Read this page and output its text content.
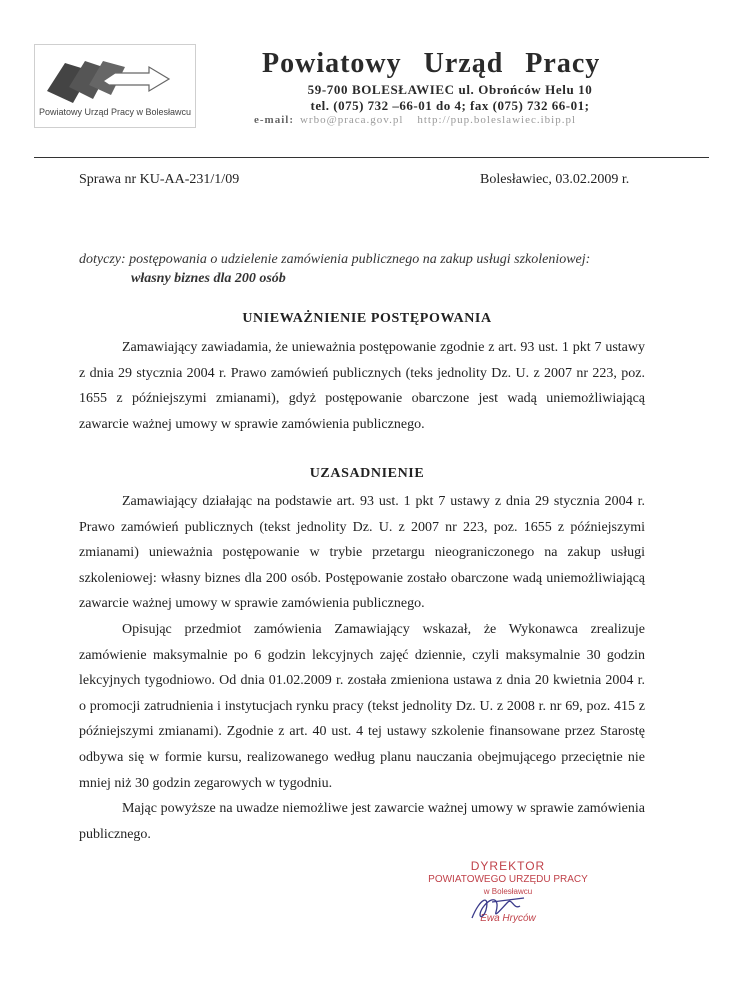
Powiatowy Urząd Pracy w Bolesławcu
Powiatowy Urząd Pracy
59-700 BOLESŁAWIEC ul. Obrońców Helu 10
tel. (075) 732 –66-01 do 4; fax (075) 732 66-01;
e-mail: wrbo@praca.gov.pl http://pup.boleslawiec.ibip.pl
Sprawa nr KU-AA-231/1/09	Bolesławiec, 03.02.2009 r.
dotyczy: postępowania o udzielenie zamówienia publicznego na zakup usługi szkoleniowej:
własny biznes dla 200 osób
UNIEWAŻNIENIE POSTĘPOWANIA

Zamawiający zawiadamia, że unieważnia postępowanie zgodnie z art. 93 ust. 1 pkt 7 ustawy z dnia 29 stycznia 2004 r. Prawo zamówień publicznych (teks jednolity Dz. U. z 2007 nr 223, poz. 1655 z późniejszymi zmianami), gdyż postępowanie obarczone jest wadą uniemożliwiającą zawarcie ważnej umowy w sprawie zamówienia publicznego.

UZASADNIENIE

Zamawiający działając na podstawie art. 93 ust. 1 pkt 7 ustawy z dnia 29 stycznia 2004 r. Prawo zamówień publicznych (tekst jednolity Dz. U. z 2007 nr 223, poz. 1655 z późniejszymi zmianami) unieważnia postępowanie w trybie przetargu nieograniczonego na zakup usługi szkoleniowej: własny biznes dla 200 osób. Postępowanie zostało obarczone wadą uniemożliwiającą zawarcie ważnej umowy w sprawie zamówienia publicznego.

Opisując przedmiot zamówienia Zamawiający wskazał, że Wykonawca zrealizuje zamówienie maksymalnie po 6 godzin lekcyjnych zajęć dziennie, czyli maksymalnie 30 godzin lekcyjnych tygodniowo. Od dnia 01.02.2009 r. została zmieniona ustawa z dnia 20 kwietnia 2004 r. o promocji zatrudnienia i instytucjach rynku pracy (tekst jednolity Dz. U. z 2008 r. nr 69, poz. 415 z późniejszymi zmianami). Zgodnie z art. 40 ust. 4 tej ustawy szkolenie finansowane przez Starostę odbywa się w formie kursu, realizowanego według planu nauczania obejmującego przeciętnie nie mniej niż 30 godzin zegarowych w tygodniu.

Mając powyższe na uwadze niemożliwe jest zawarcie ważnej umowy w sprawie zamówienia publicznego.

DYREKTOR
POWIATOWEGO URZĘDU PRACY
w Bolesławcu
Ewa Hryców
